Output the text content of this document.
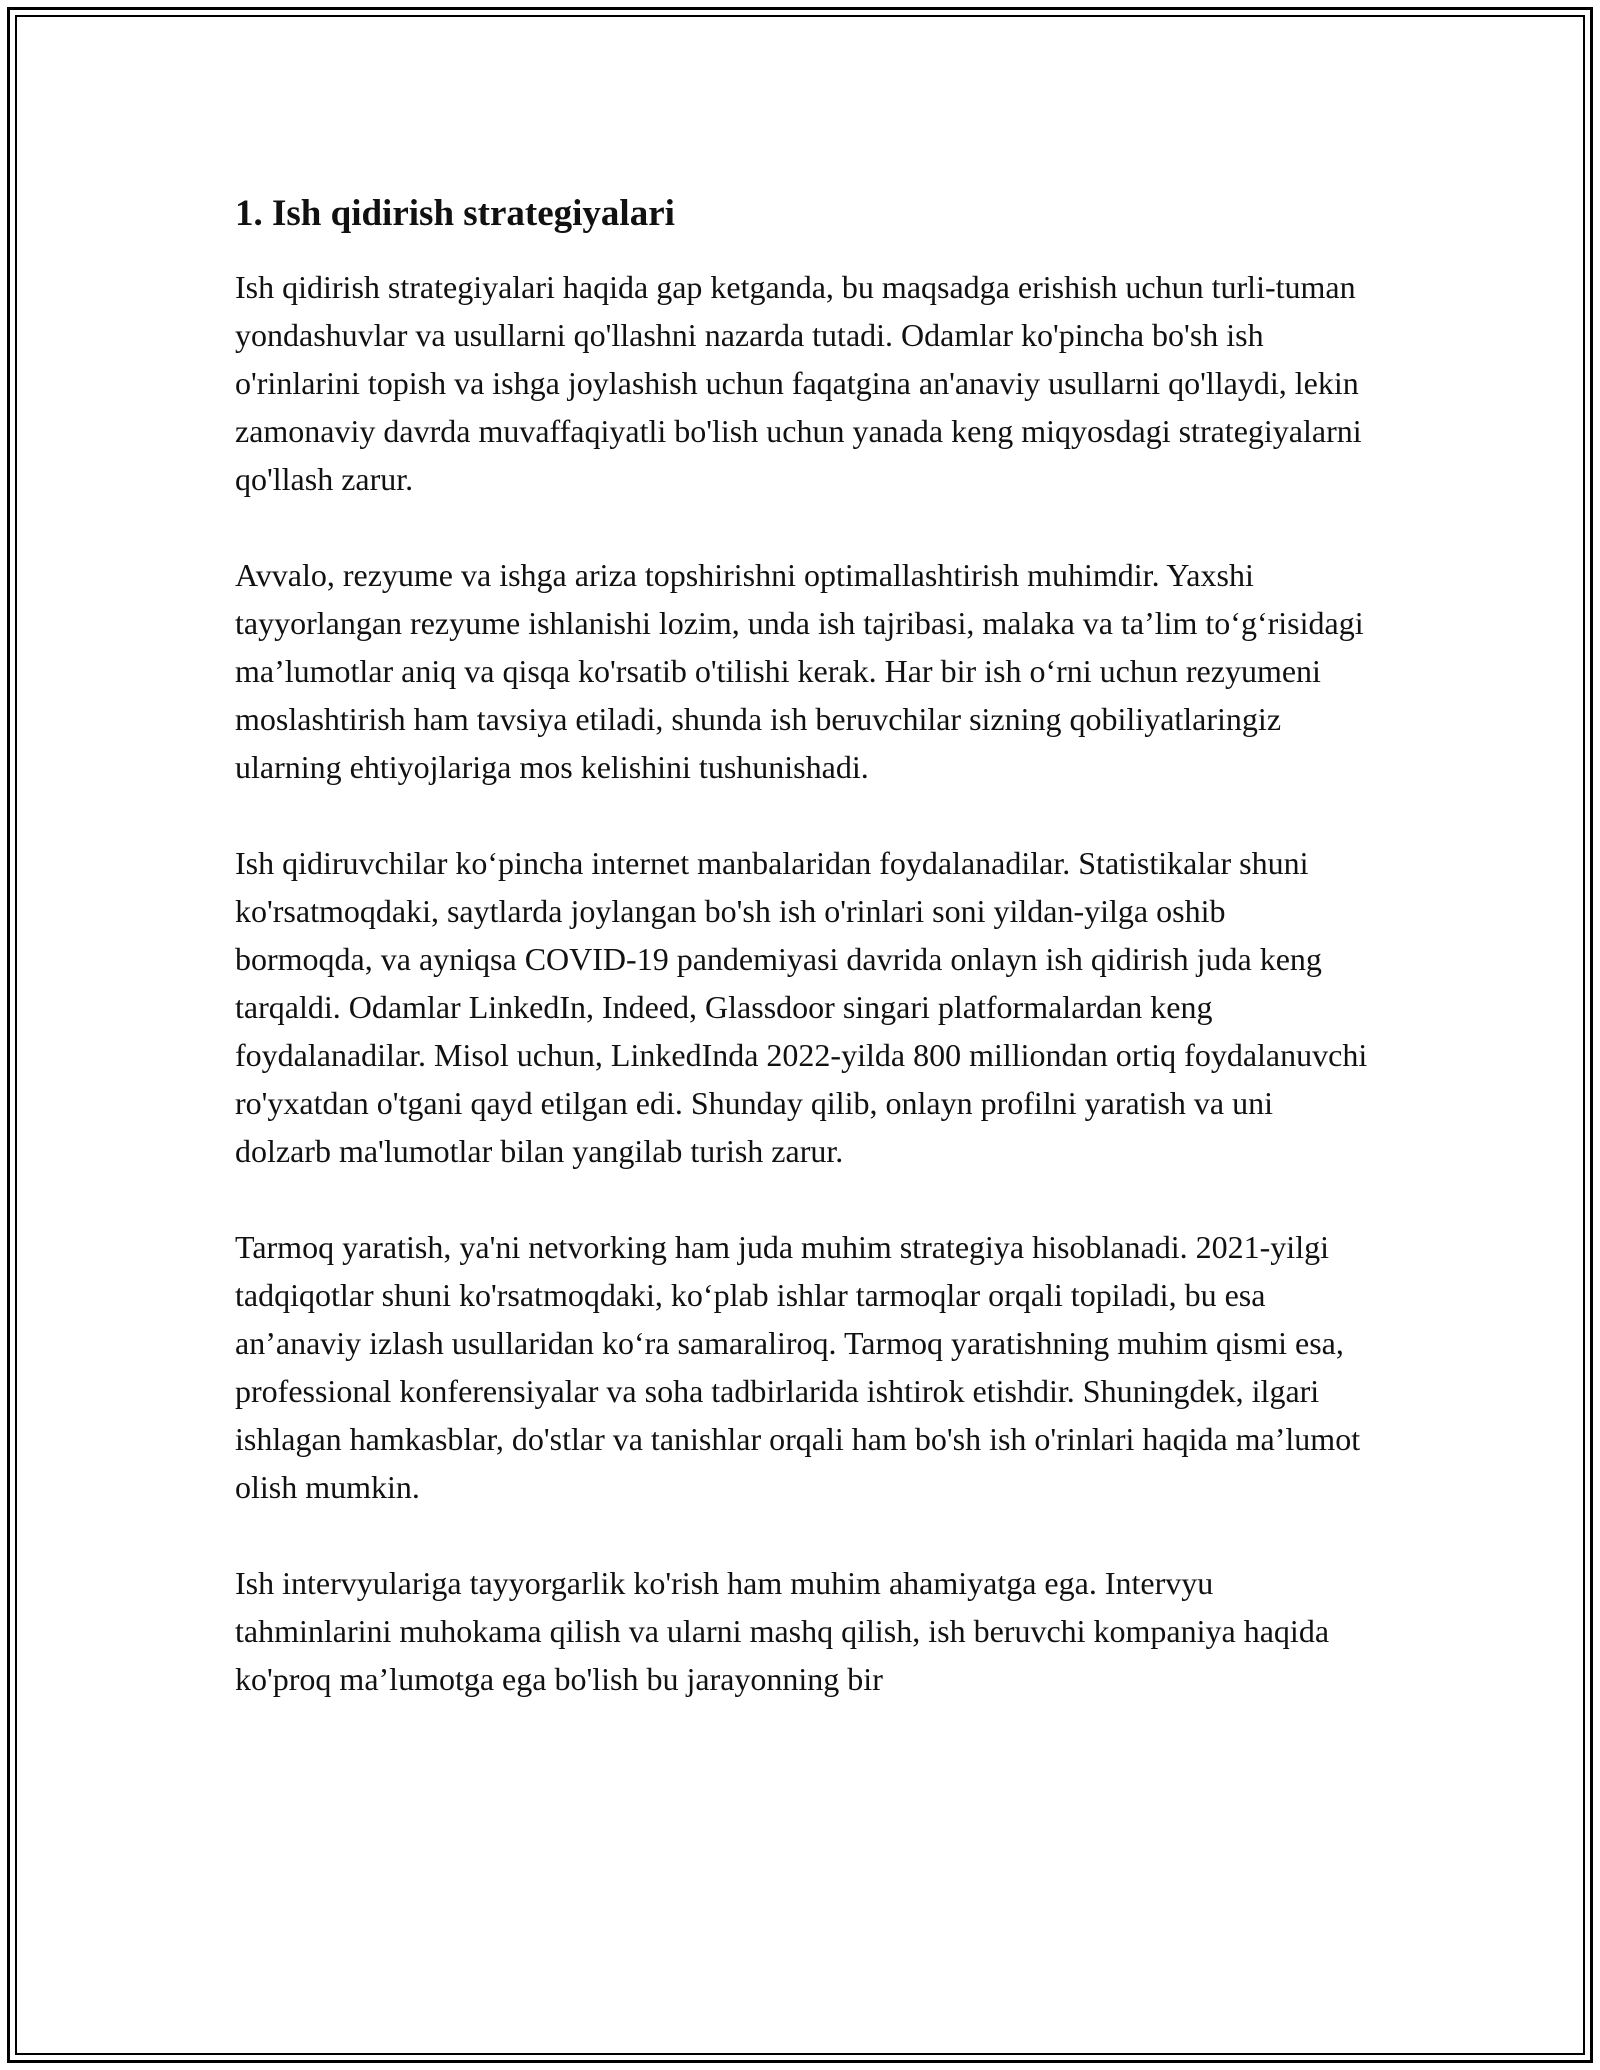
1. Ish qidirish strategiyalari

Ish qidirish strategiyalari haqida gap ketganda, bu maqsadga erishish uchun turli-tuman yondashuvlar va usullarni qo'llashni nazarda tutadi. Odamlar ko'pincha bo'sh ish o'rinlarini topish va ishga joylashish uchun faqatgina an'anaviy usullarni qo'llaydi, lekin zamonaviy davrda muvaffaqiyatli bo'lish uchun yanada keng miqyosdagi strategiyalarni qo'llash zarur.

Avvalo, rezyume va ishga ariza topshirishni optimallashtirish muhimdir. Yaxshi tayyorlangan rezyume ishlanishi lozim, unda ish tajribasi, malaka va ta’lim to‘g‘risidagi ma’lumotlar aniq va qisqa ko'rsatib o'tilishi kerak. Har bir ish o‘rni uchun rezyumeni moslashtirish ham tavsiya etiladi, shunda ish beruvchilar sizning qobiliyatlaringiz ularning ehtiyojlariga mos kelishini tushunishadi.

Ish qidiruvchilar ko‘pincha internet manbalaridan foydalanadilar. Statistikalar shuni ko'rsatmoqdaki, saytlarda joylangan bo'sh ish o'rinlari soni yildan-yilga oshib bormoqda, va ayniqsa COVID-19 pandemiyasi davrida onlayn ish qidirish juda keng tarqaldi. Odamlar LinkedIn, Indeed, Glassdoor singari platformalardan keng foydalanadilar. Misol uchun, LinkedInda 2022-yilda 800 milliondan ortiq foydalanuvchi ro'yxatdan o'tgani qayd etilgan edi. Shunday qilib, onlayn profilni yaratish va uni dolzarb ma'lumotlar bilan yangilab turish zarur.

Tarmoq yaratish, ya'ni netvorking ham juda muhim strategiya hisoblanadi. 2021-yilgi tadqiqotlar shuni ko'rsatmoqdaki, ko‘plab ishlar tarmoqlar orqali topiladi, bu esa an’anaviy izlash usullaridan ko‘ra samaraliroq. Tarmoq yaratishning muhim qismi esa, professional konferensiyalar va soha tadbirlarida ishtirok etishdir. Shuningdek, ilgari ishlagan hamkasblar, do'stlar va tanishlar orqali ham bo'sh ish o'rinlari haqida ma’lumot olish mumkin.

Ish intervyulariga tayyorgarlik ko'rish ham muhim ahamiyatga ega. Intervyu tahminlarini muhokama qilish va ularni mashq qilish, ish beruvchi kompaniya haqida ko'proq ma’lumotga ega bo'lish bu jarayonning bir
